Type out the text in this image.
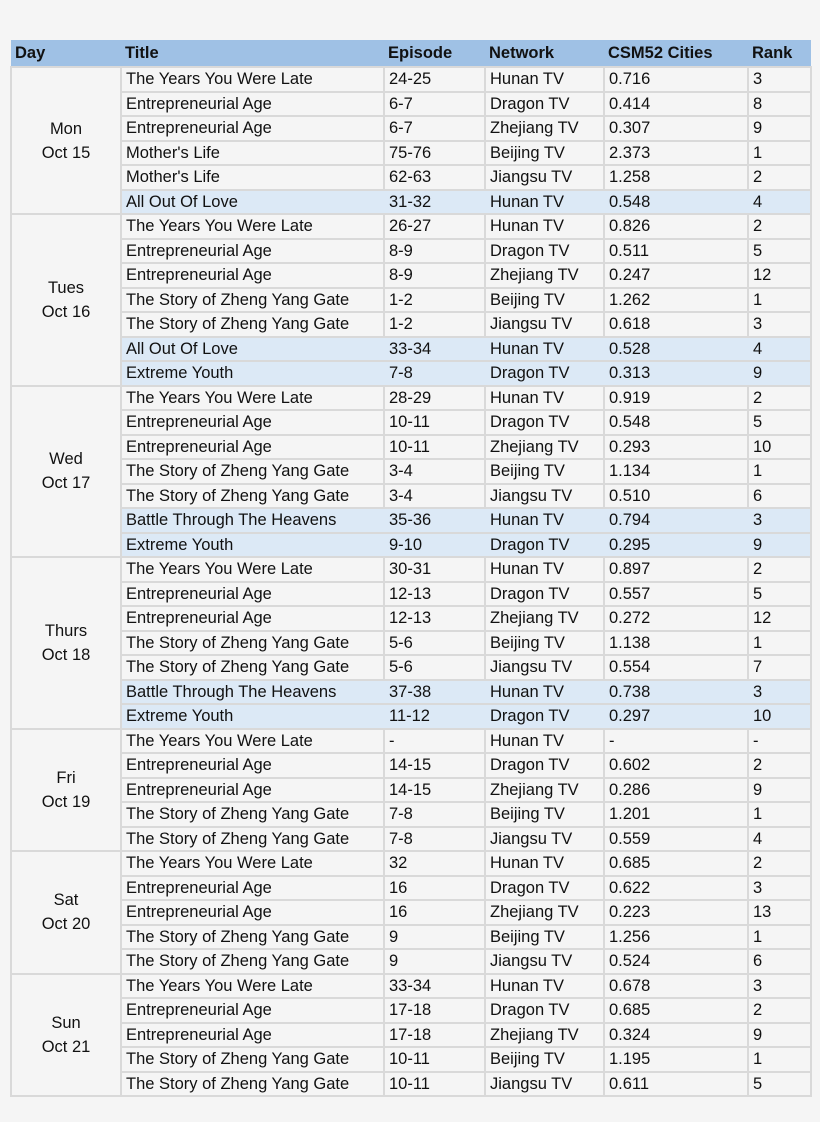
Day	Title	Episode	Network	CSM52 Cities	Rank

Mon
Oct 15	The Years You Were Late	24-25	Hunan TV	0.716	3
	Entrepreneurial Age	6-7	Dragon TV	0.414	8
	Entrepreneurial Age	6-7	Zhejiang TV	0.307	9
	Mother's Life	75-76	Beijing TV	2.373	1
	Mother's Life	62-63	Jiangsu TV	1.258	2
	All Out Of Love	31-32	Hunan TV	0.548	4

Tues
Oct 16	The Years You Were Late	26-27	Hunan TV	0.826	2
	Entrepreneurial Age	8-9	Dragon TV	0.511	5
	Entrepreneurial Age	8-9	Zhejiang TV	0.247	12
	The Story of Zheng Yang Gate	1-2	Beijing TV	1.262	1
	The Story of Zheng Yang Gate	1-2	Jiangsu TV	0.618	3
	All Out Of Love	33-34	Hunan TV	0.528	4
	Extreme Youth	7-8	Dragon TV	0.313	9

Wed
Oct 17	The Years You Were Late	28-29	Hunan TV	0.919	2
	Entrepreneurial Age	10-11	Dragon TV	0.548	5
	Entrepreneurial Age	10-11	Zhejiang TV	0.293	10
	The Story of Zheng Yang Gate	3-4	Beijing TV	1.134	1
	The Story of Zheng Yang Gate	3-4	Jiangsu TV	0.510	6
	Battle Through The Heavens	35-36	Hunan TV	0.794	3
	Extreme Youth	9-10	Dragon TV	0.295	9

Thurs
Oct 18	The Years You Were Late	30-31	Hunan TV	0.897	2
	Entrepreneurial Age	12-13	Dragon TV	0.557	5
	Entrepreneurial Age	12-13	Zhejiang TV	0.272	12
	The Story of Zheng Yang Gate	5-6	Beijing TV	1.138	1
	The Story of Zheng Yang Gate	5-6	Jiangsu TV	0.554	7
	Battle Through The Heavens	37-38	Hunan TV	0.738	3
	Extreme Youth	11-12	Dragon TV	0.297	10

Fri
Oct 19	The Years You Were Late	-	Hunan TV	-	-
	Entrepreneurial Age	14-15	Dragon TV	0.602	2
	Entrepreneurial Age	14-15	Zhejiang TV	0.286	9
	The Story of Zheng Yang Gate	7-8	Beijing TV	1.201	1
	The Story of Zheng Yang Gate	7-8	Jiangsu TV	0.559	4

Sat
Oct 20	The Years You Were Late	32	Hunan TV	0.685	2
	Entrepreneurial Age	16	Dragon TV	0.622	3
	Entrepreneurial Age	16	Zhejiang TV	0.223	13
	The Story of Zheng Yang Gate	9	Beijing TV	1.256	1
	The Story of Zheng Yang Gate	9	Jiangsu TV	0.524	6

Sun
Oct 21	The Years You Were Late	33-34	Hunan TV	0.678	3
	Entrepreneurial Age	17-18	Dragon TV	0.685	2
	Entrepreneurial Age	17-18	Zhejiang TV	0.324	9
	The Story of Zheng Yang Gate	10-11	Beijing TV	1.195	1
	The Story of Zheng Yang Gate	10-11	Jiangsu TV	0.611	5
